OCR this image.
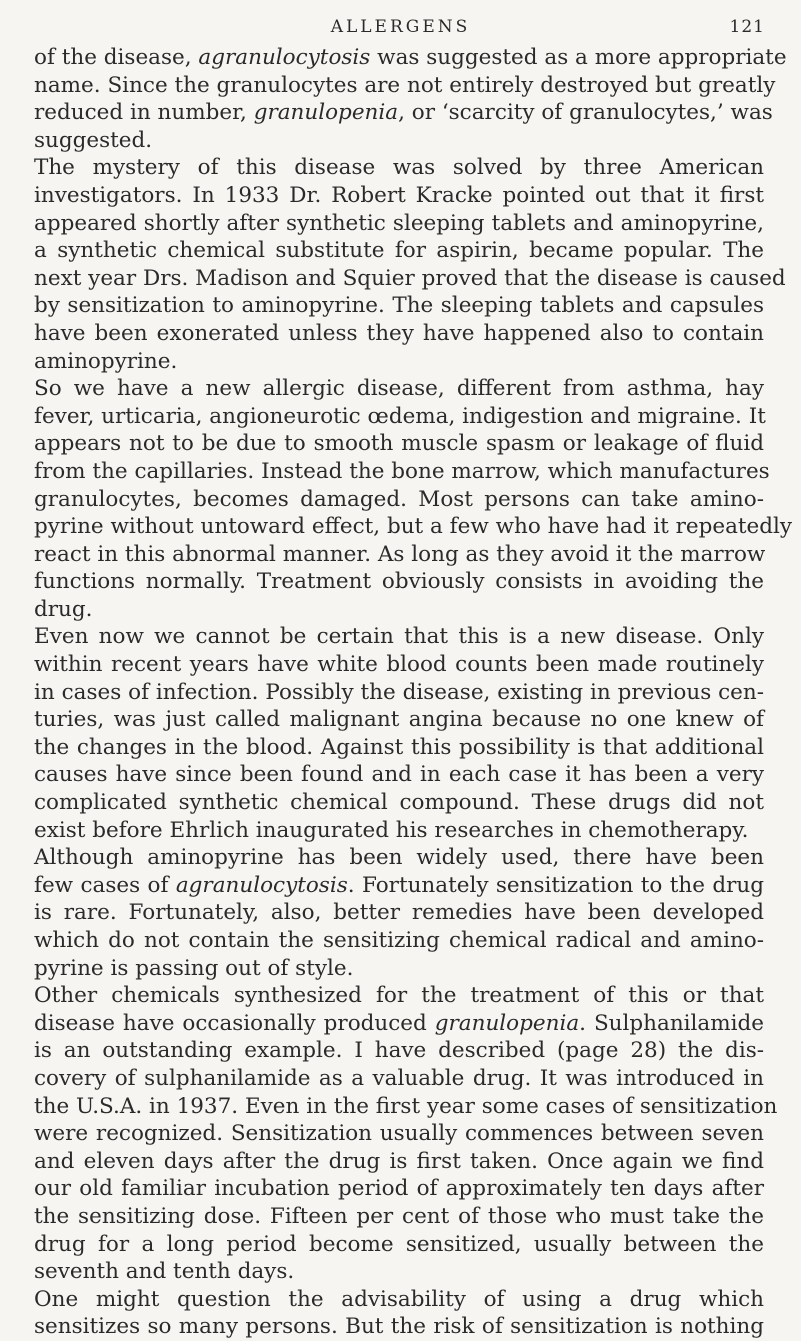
ALLERGENS	121

of the disease, agranulocytosis was suggested as a more appropriate
name. Since the granulocytes are not entirely destroyed but greatly
reduced in number, granulopenia, or ‘scarcity of granulocytes,’ was
suggested.

The mystery of this disease was solved by three American
investigators. In 1933 Dr. Robert Kracke pointed out that it first
appeared shortly after synthetic sleeping tablets and aminopyrine,
a synthetic chemical substitute for aspirin, became popular. The
next year Drs. Madison and Squier proved that the disease is caused
by sensitization to aminopyrine. The sleeping tablets and capsules
have been exonerated unless they have happened also to contain
aminopyrine.

So we have a new allergic disease, different from asthma, hay
fever, urticaria, angioneurotic œdema, indigestion and migraine. It
appears not to be due to smooth muscle spasm or leakage of fluid
from the capillaries. Instead the bone marrow, which manufactures
granulocytes, becomes damaged. Most persons can take amino-
pyrine without untoward effect, but a few who have had it repeatedly
react in this abnormal manner. As long as they avoid it the marrow
functions normally. Treatment obviously consists in avoiding the
drug.

Even now we cannot be certain that this is a new disease. Only
within recent years have white blood counts been made routinely
in cases of infection. Possibly the disease, existing in previous cen-
turies, was just called malignant angina because no one knew of
the changes in the blood. Against this possibility is that additional
causes have since been found and in each case it has been a very
complicated synthetic chemical compound. These drugs did not
exist before Ehrlich inaugurated his researches in chemotherapy.

Although aminopyrine has been widely used, there have been
few cases of agranulocytosis. Fortunately sensitization to the drug
is rare. Fortunately, also, better remedies have been developed
which do not contain the sensitizing chemical radical and amino-
pyrine is passing out of style.

Other chemicals synthesized for the treatment of this or that
disease have occasionally produced granulopenia. Sulphanilamide
is an outstanding example. I have described (page 28) the dis-
covery of sulphanilamide as a valuable drug. It was introduced in
the U.S.A. in 1937. Even in the first year some cases of sensitization
were recognized. Sensitization usually commences between seven
and eleven days after the drug is first taken. Once again we find
our old familiar incubation period of approximately ten days after
the sensitizing dose. Fifteen per cent of those who must take the
drug for a long period become sensitized, usually between the
seventh and tenth days.

One might question the advisability of using a drug which
sensitizes so many persons. But the risk of sensitization is nothing
